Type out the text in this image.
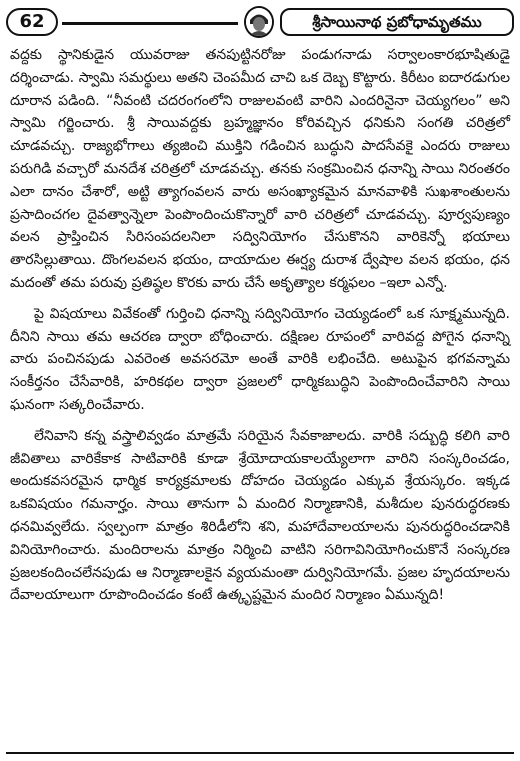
62	శ్రీసాయినాథ ప్రబోధామృతము

వద్దకు స్థానికుడైన యువరాజు తనపుట్టినరోజు పండుగనాడు సర్వాలంకారభూషితుడై దర్శించాడు. స్వామి సమర్థులు అతని చెంపమీద చాచి ఒక దెబ్బ కొట్టారు. కిరీటం ఐదారడుగుల దూరాన పడింది. “నీవంటి చదరంగంలోని రాజులవంటి వారిని ఎందరినైనా చెయ్యగలం” అని స్వామి గర్జించారు. శ్రీ సాయివద్దకు బ్రహ్మజ్ఞానం కోరివచ్చిన ధనికుని సంగతి చరిత్రలో చూడవచ్చు. రాజ్యభోగాలు త్యజించి ముక్తిని గడించిన బుద్ధుని పాదసేవకై ఎందరు రాజులు పరుగిడి వచ్చారో మనదేశ చరిత్రలో చూడవచ్చు. తనకు సంక్రమించిన ధనాన్ని సాయి నిరంతరం ఎలా దానం చేశారో, అట్టి త్యాగంవలన వారు అసంఖ్యాకమైన మానవాళికి సుఖశాంతులను ప్రసాదించగల దైవత్వాన్నెలా పెంపొందించుకొన్నారో వారి చరిత్రలో చూడవచ్చు. పూర్వపుణ్యం వలన ప్రాప్తించిన సిరిసంపదలనిలా సద్వినియోగం చేసుకొనని వారికెన్నో భయాలు తారసిల్లుతాయి. దొంగలవలన భయం, దాయాదుల ఈర్ష్య దురాశ ద్వేషాల వలన భయం, ధన మదంతో తమ పరువు ప్రతిష్ఠల కొరకు వారు చేసే అకృత్యాల కర్మఫలం –ఇలా ఎన్నో.

పై విషయాలు వివేకంతో గుర్తించి ధనాన్ని సద్వినియోగం చెయ్యడంలో ఒక సూక్ష్మమున్నది. దీనిని సాయి తమ ఆచరణ ద్వారా బోధించారు. దక్షిణల రూపంలో వారివద్ద పోగైన ధనాన్ని వారు పంచినపుడు ఎవరెంత అవసరమో అంతే వారికి లభించేది. అటుపైన భగవన్నామ సంకీర్తనం చేసేవారికి, హరికథల ద్వారా ప్రజలలో ధార్మికబుద్ధిని పెంపొందించేవారిని సాయి ఘనంగా సత్కరించేవారు.

లేనివాని కన్న వస్త్రాలివ్వడం మాత్రమే సరియైన సేవకాజాలదు. వారికి సద్బుద్ధి కలిగి వారి జీవితాలు వారికేకాక సాటివారికి కూడా శ్రేయోదాయకాలయ్యేలాగా వారిని సంస్కరించడం, అందుకవసరమైన ధార్మిక కార్యక్రమాలకు దోహదం చెయ్యడం ఎక్కువ శ్రేయస్కరం. ఇక్కడ ఒకవిషయం గమనార్హం. సాయి తానుగా ఏ మందిర నిర్మాణానికి, మశీదుల పునరుద్ధరణకు ధనమివ్వలేదు. స్వల్పంగా మాత్రం శిరిడీలోని శని, మహాదేవాలయాలను పునరుద్ధరించడానికి వినియోగించారు. మందిరాలను మాత్రం నిర్మించి వాటిని సరిగావినియోగించుకొనే సంస్కరణ ప్రజలకందించలేనపుడు ఆ నిర్మాణాలకైన వ్యయమంతా దుర్వినియోగమే. ప్రజల హృదయాలను దేవాలయాలుగా రూపొందించడం కంటే ఉత్కృష్టమైన మందిర నిర్మాణం ఏమున్నది!
